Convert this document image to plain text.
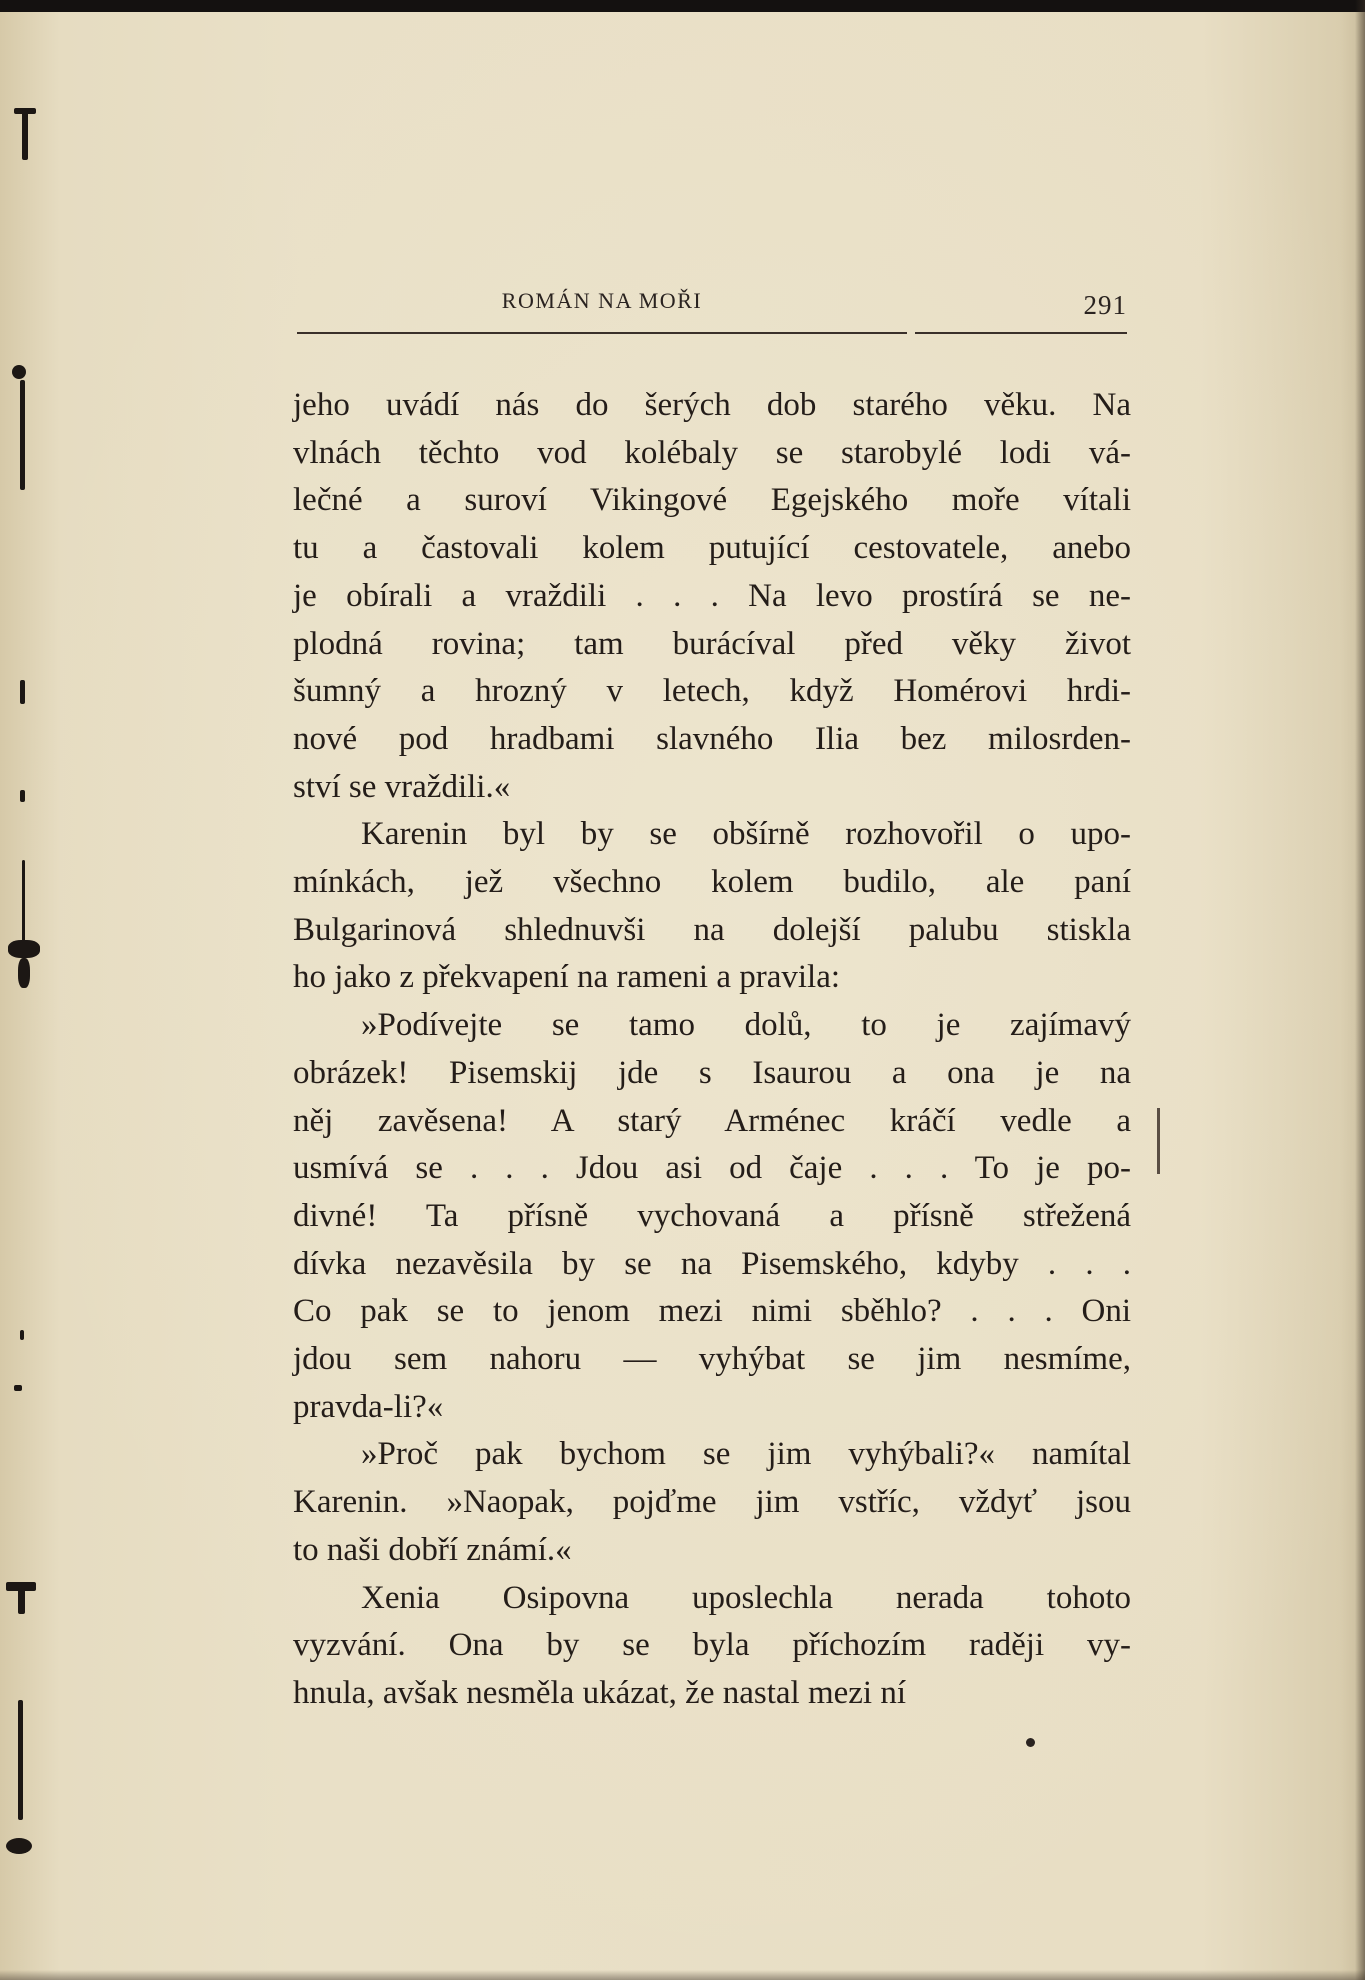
ROMÁN NA MOŘI	291

jeho uvádí nás do šerých dob starého věku. Na
vlnách těchto vod kolébaly se starobylé lodi vá-
lečné a suroví Vikingové Egejského moře vítali
tu a častovali kolem putující cestovatele, anebo
je obírali a vraždili . . . Na levo prostírá se ne-
plodná rovina; tam burácíval před věky život
šumný a hrozný v letech, když Homérovi hrdi-
nové pod hradbami slavného Ilia bez milosrden-
ství se vraždili.«

Karenin byl by se obšírně rozhovořil o upo-
mínkách, jež všechno kolem budilo, ale paní
Bulgarinová shlednuvši na dolejší palubu stiskla
ho jako z překvapení na rameni a pravila:

»Podívejte se tamo dolů, to je zajímavý
obrázek! Pisemskij jde s Isaurou a ona je na
něj zavěsena! A starý Arménec kráčí vedle a
usmívá se . . . Jdou asi od čaje . . . To je po-
divné! Ta přísně vychovaná a přísně střežená
dívka nezavěsila by se na Pisemského, kdyby . . .
Co pak se to jenom mezi nimi sběhlo? . . . Oni
jdou sem nahoru — vyhýbat se jim nesmíme,
pravda-li?«

»Proč pak bychom se jim vyhýbali?« namítal
Karenin. »Naopak, pojďme jim vstříc, vždyť jsou
to naši dobří známí.«

Xenia Osipovna uposlechla nerada tohoto
vyzvání. Ona by se byla příchozím raději vy-
hnula, avšak nesměla ukázat, že nastal mezi ní
